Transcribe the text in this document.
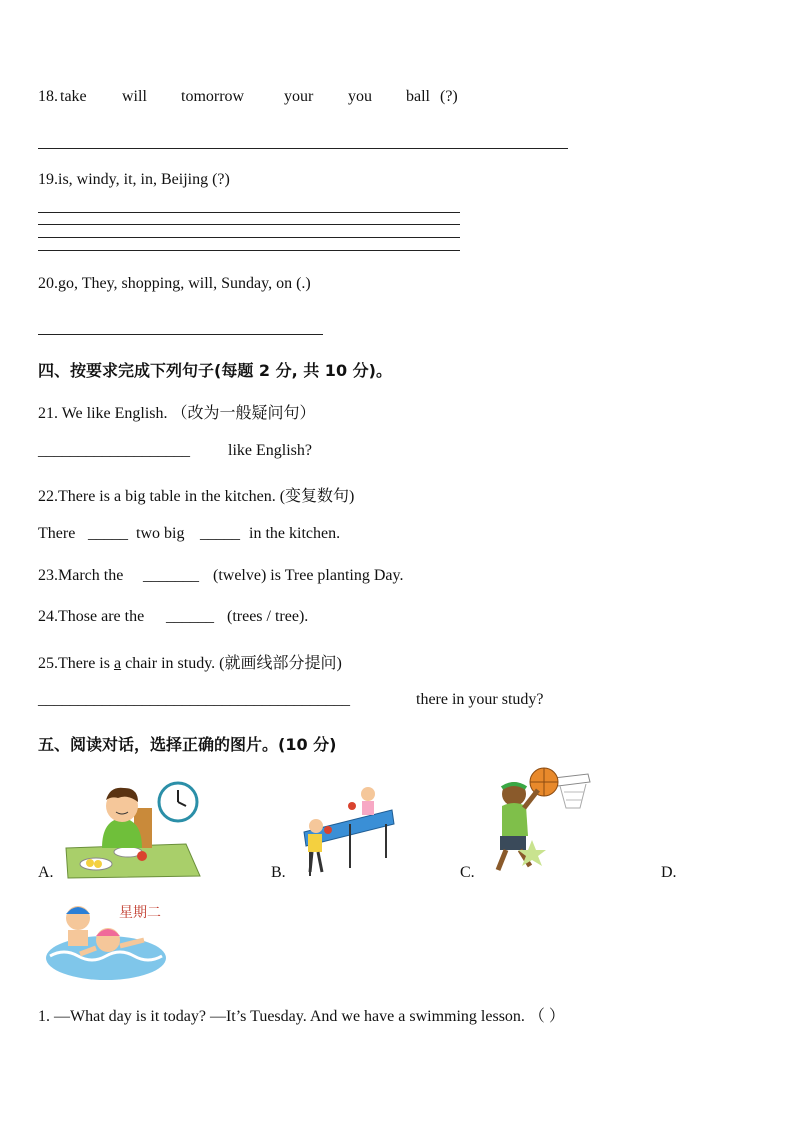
18. take will tomorrow your you ball (?)
19.is, windy, it, in, Beijing (?)
20.go, They, shopping, will, Sunday, on (.)
四、按要求完成下列句子(每题 2 分, 共 10 分)。
21. We like English. （改为一般疑问句）
___________________ like English?
22.There is a big table in the kitchen. (变复数句)
There _____ two big _____ in the kitchen.
23.March the _______ (twelve) is Tree planting Day.
24.Those are the ______ (trees / tree).
25.There is a chair in study. (就画线部分提问)
_______________________________________	there in your study?
五、阅读对话，选择正确的图片。(10 分)
A.	B.	C.	D.
星期二
1. —What day is it today? —It’s Tuesday. And we have a swimming lesson. （ ）
